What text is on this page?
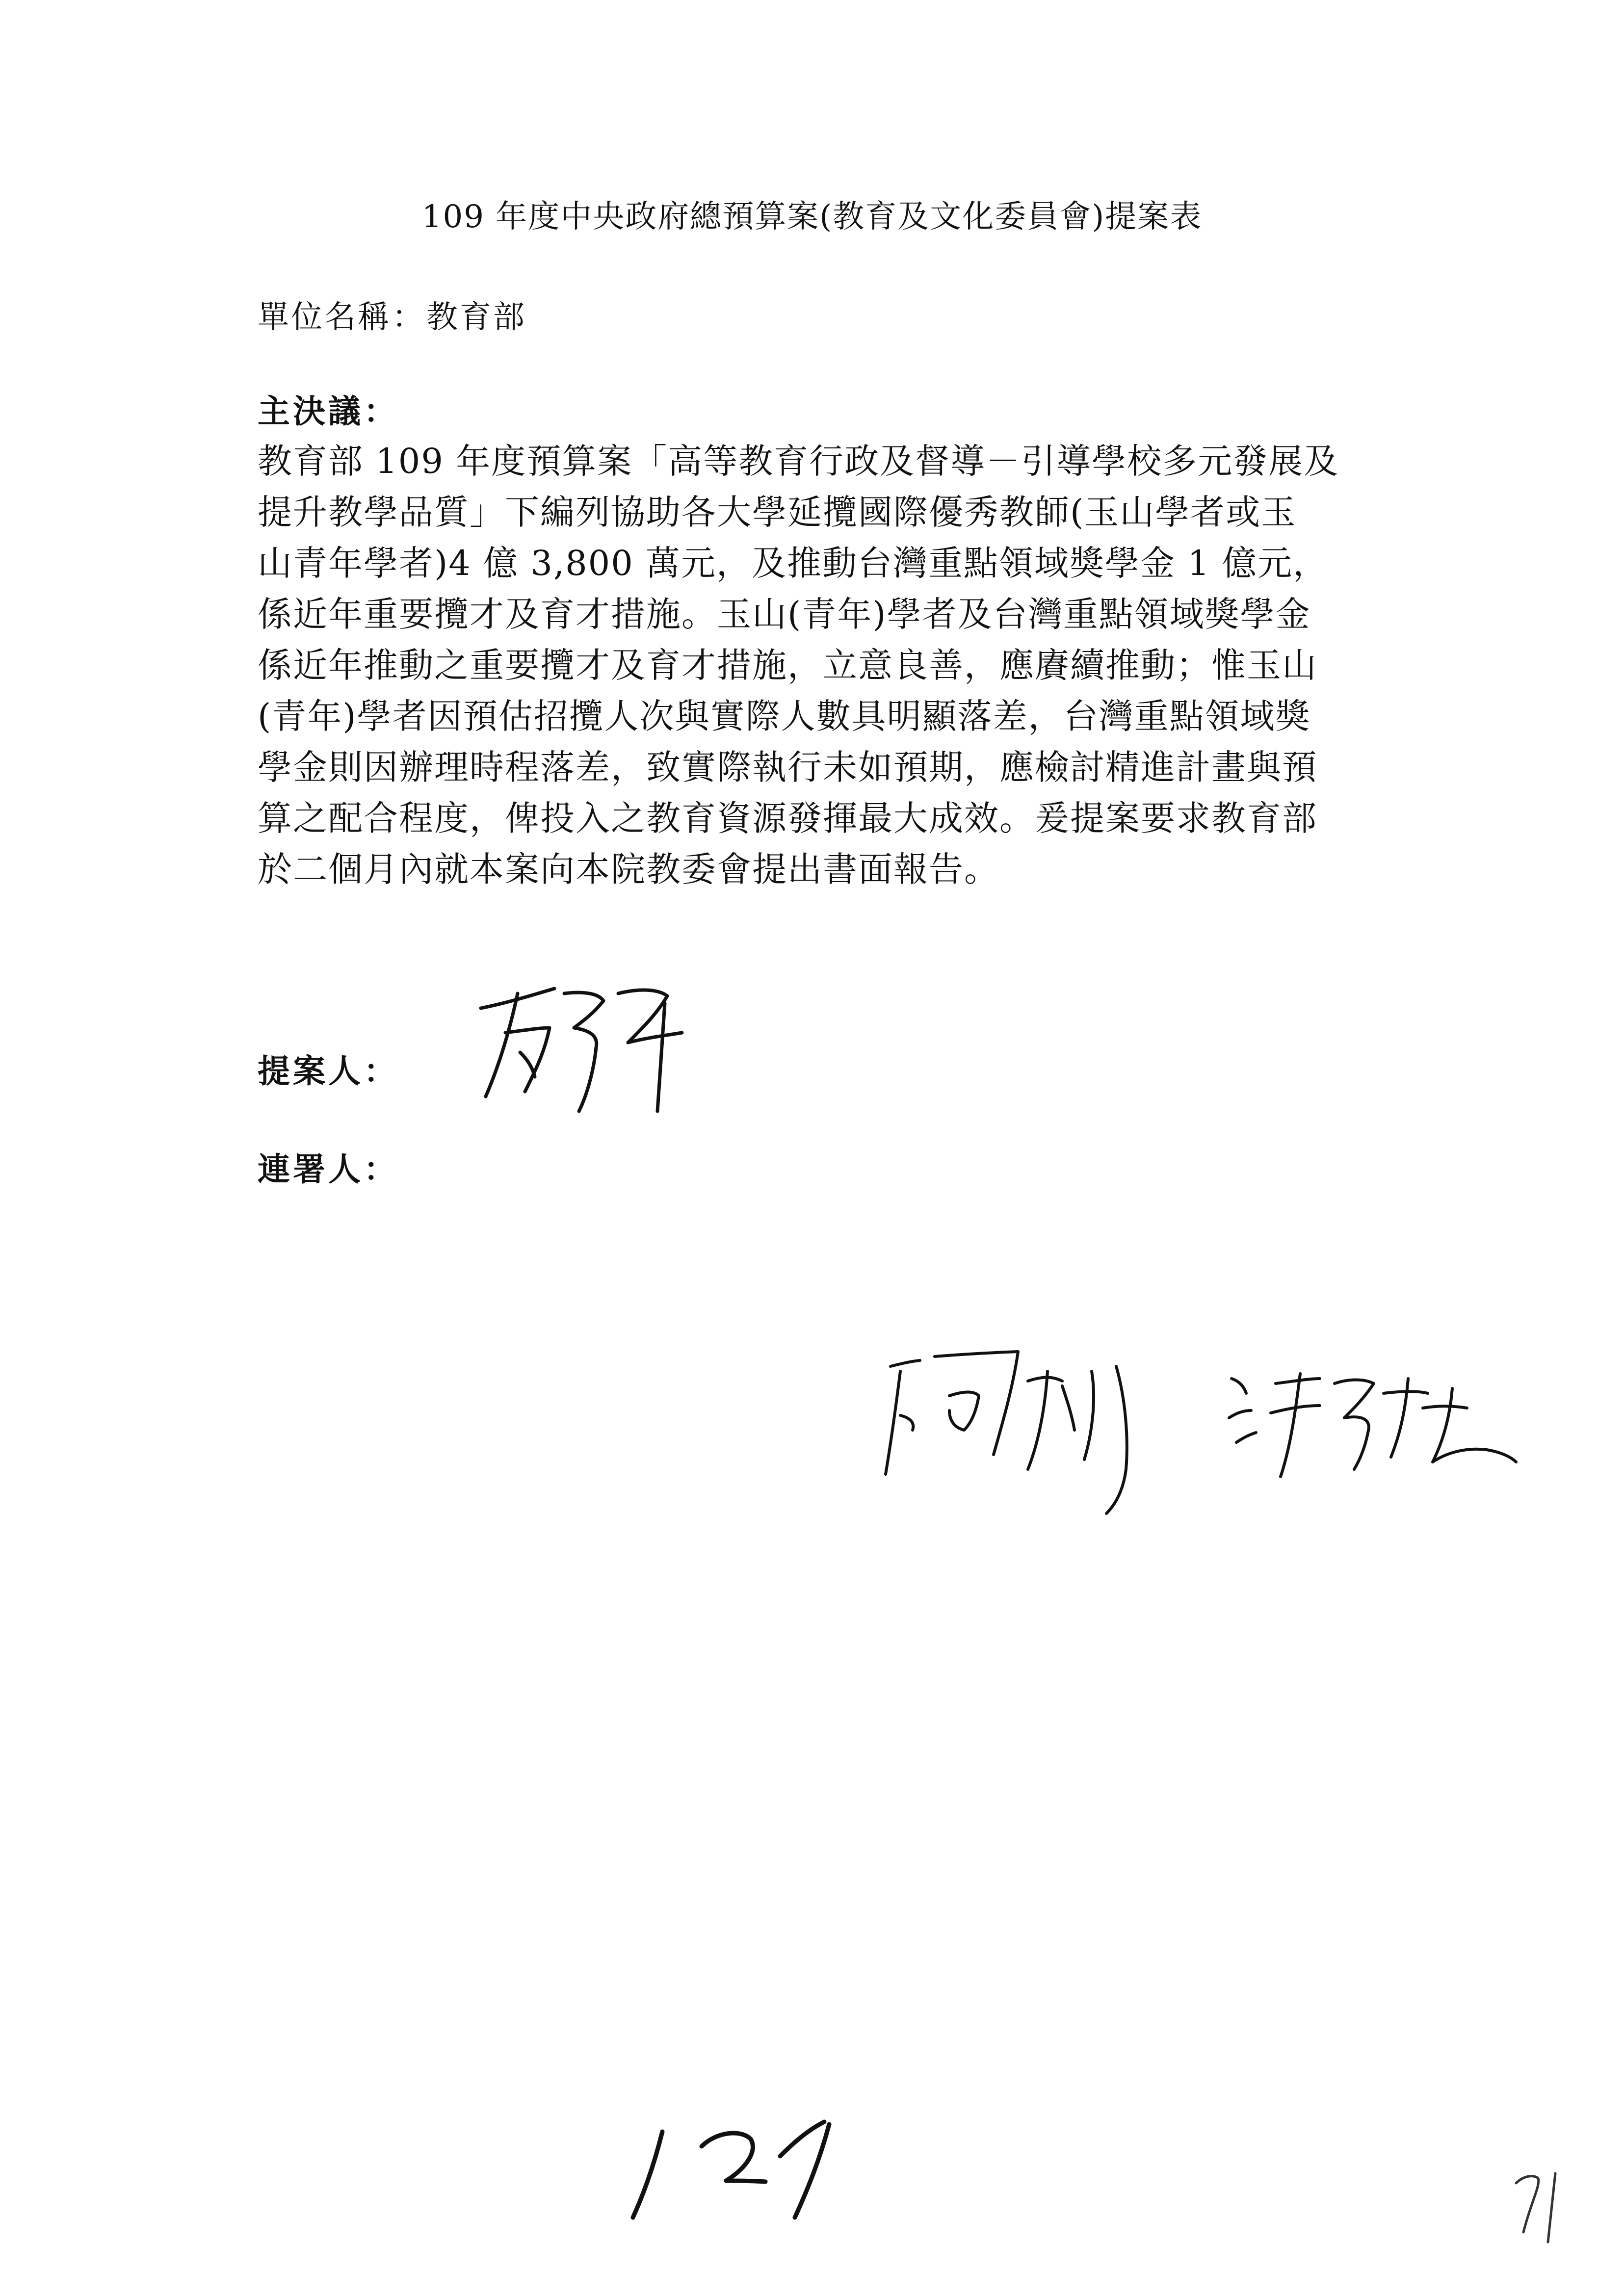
109 年度中央政府總預算案(教育及文化委員會)提案表
單位名稱：教育部
主決議：
教育部 109 年度預算案「高等教育行政及督導－引導學校多元發展及
提升教學品質」下編列協助各大學延攬國際優秀教師(玉山學者或玉
山青年學者)4 億 3,800 萬元，及推動台灣重點領域獎學金 1 億元，
係近年重要攬才及育才措施。玉山(青年)學者及台灣重點領域獎學金
係近年推動之重要攬才及育才措施，立意良善，應賡續推動；惟玉山
(青年)學者因預估招攬人次與實際人數具明顯落差，台灣重點領域獎
學金則因辦理時程落差，致實際執行未如預期，應檢討精進計畫與預
算之配合程度，俾投入之教育資源發揮最大成效。爰提案要求教育部
於二個月內就本案向本院教委會提出書面報告。
提案人：
連署人：
